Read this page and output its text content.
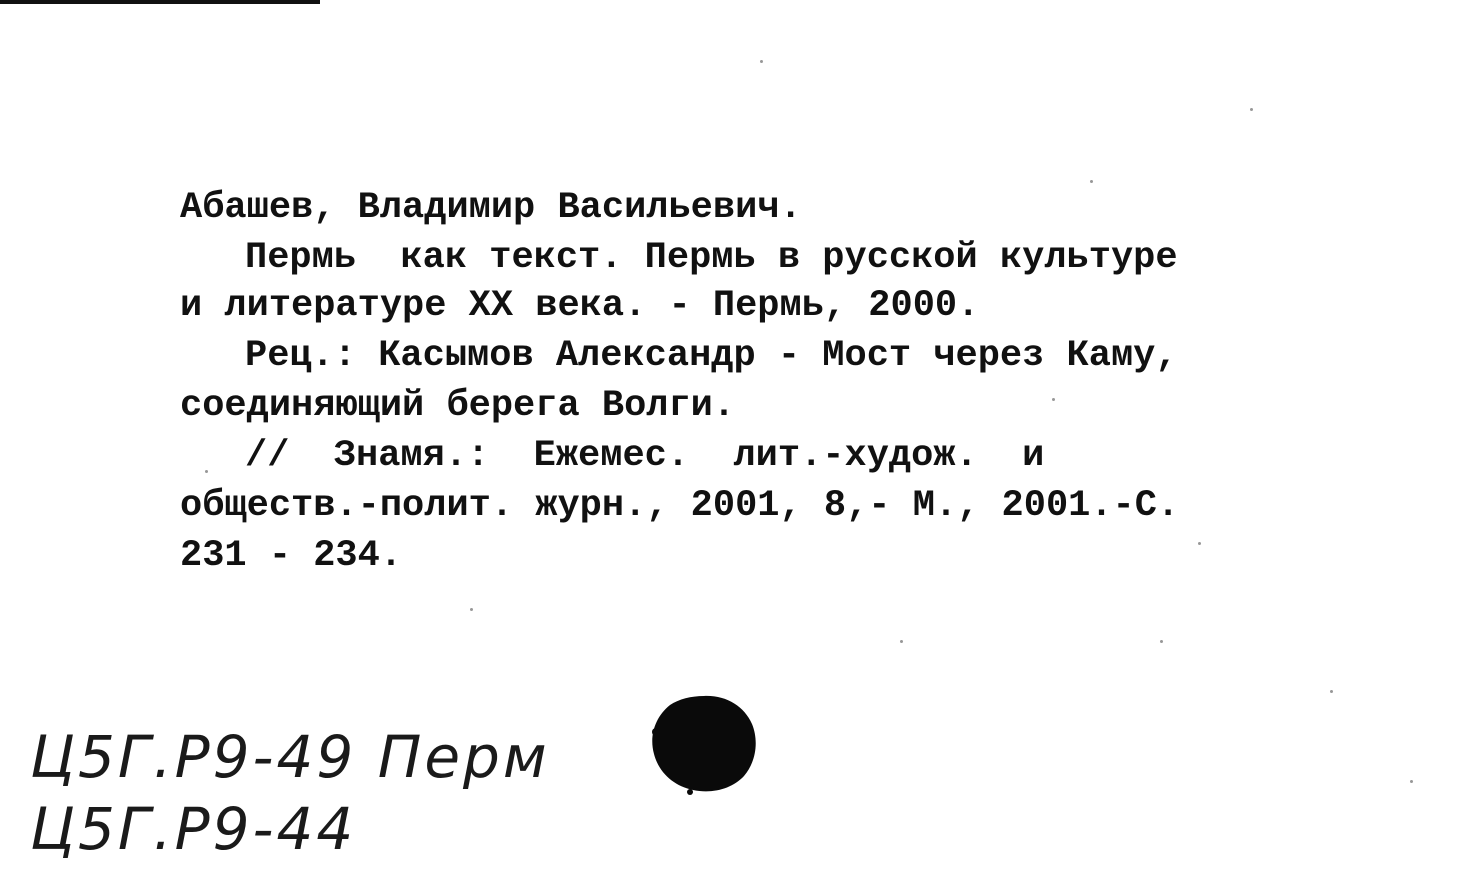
Абашев, Владимир Васильевич.
Пермь  как текст. Пермь в русской культуре
и литературе XX века. - Пермь, 2000.
Рец.: Касымов Александр - Мост через Каму,
соединяющий берега Волги.
//  Знамя.:  Ежемес.  лит.-худож.  и
обществ.-полит. журн., 2001, 8,- М., 2001.-С.
231 - 234.
Ц5Г.Р9-49 Перм
Ц5Г.Р9-44
